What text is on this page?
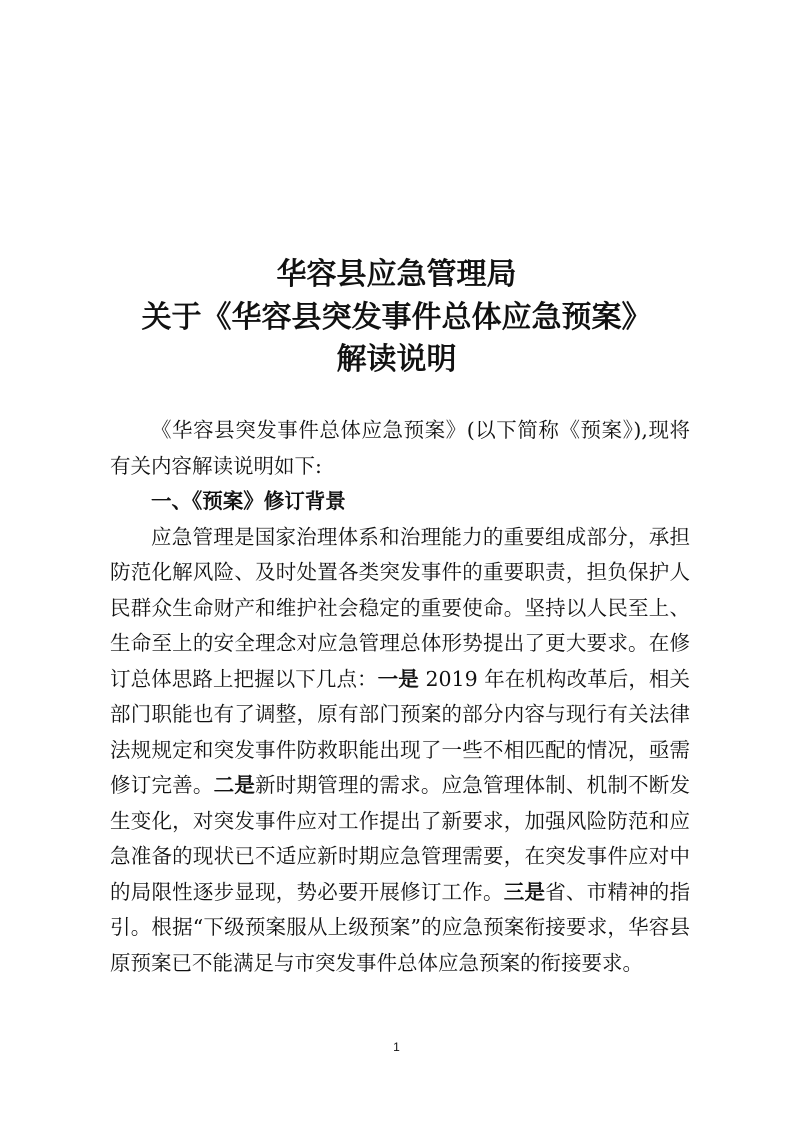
华容县应急管理局
关于《华容县突发事件总体应急预案》
解读说明

《华容县突发事件总体应急预案》(以下简称《预案》),现将有关内容解读说明如下:

一、《预案》修订背景

应急管理是国家治理体系和治理能力的重要组成部分，承担防范化解风险、及时处置各类突发事件的重要职责，担负保护人民群众生命财产和维护社会稳定的重要使命。坚持以人民至上、生命至上的安全理念对应急管理总体形势提出了更大要求。在修订总体思路上把握以下几点：一是 2019 年在机构改革后，相关部门职能也有了调整，原有部门预案的部分内容与现行有关法律法规规定和突发事件防救职能出现了一些不相匹配的情况，亟需修订完善。二是新时期管理的需求。应急管理体制、机制不断发生变化，对突发事件应对工作提出了新要求，加强风险防范和应急准备的现状已不适应新时期应急管理需要，在突发事件应对中的局限性逐步显现，势必要开展修订工作。三是省、市精神的指引。根据“下级预案服从上级预案”的应急预案衔接要求，华容县原预案已不能满足与市突发事件总体应急预案的衔接要求。

1
